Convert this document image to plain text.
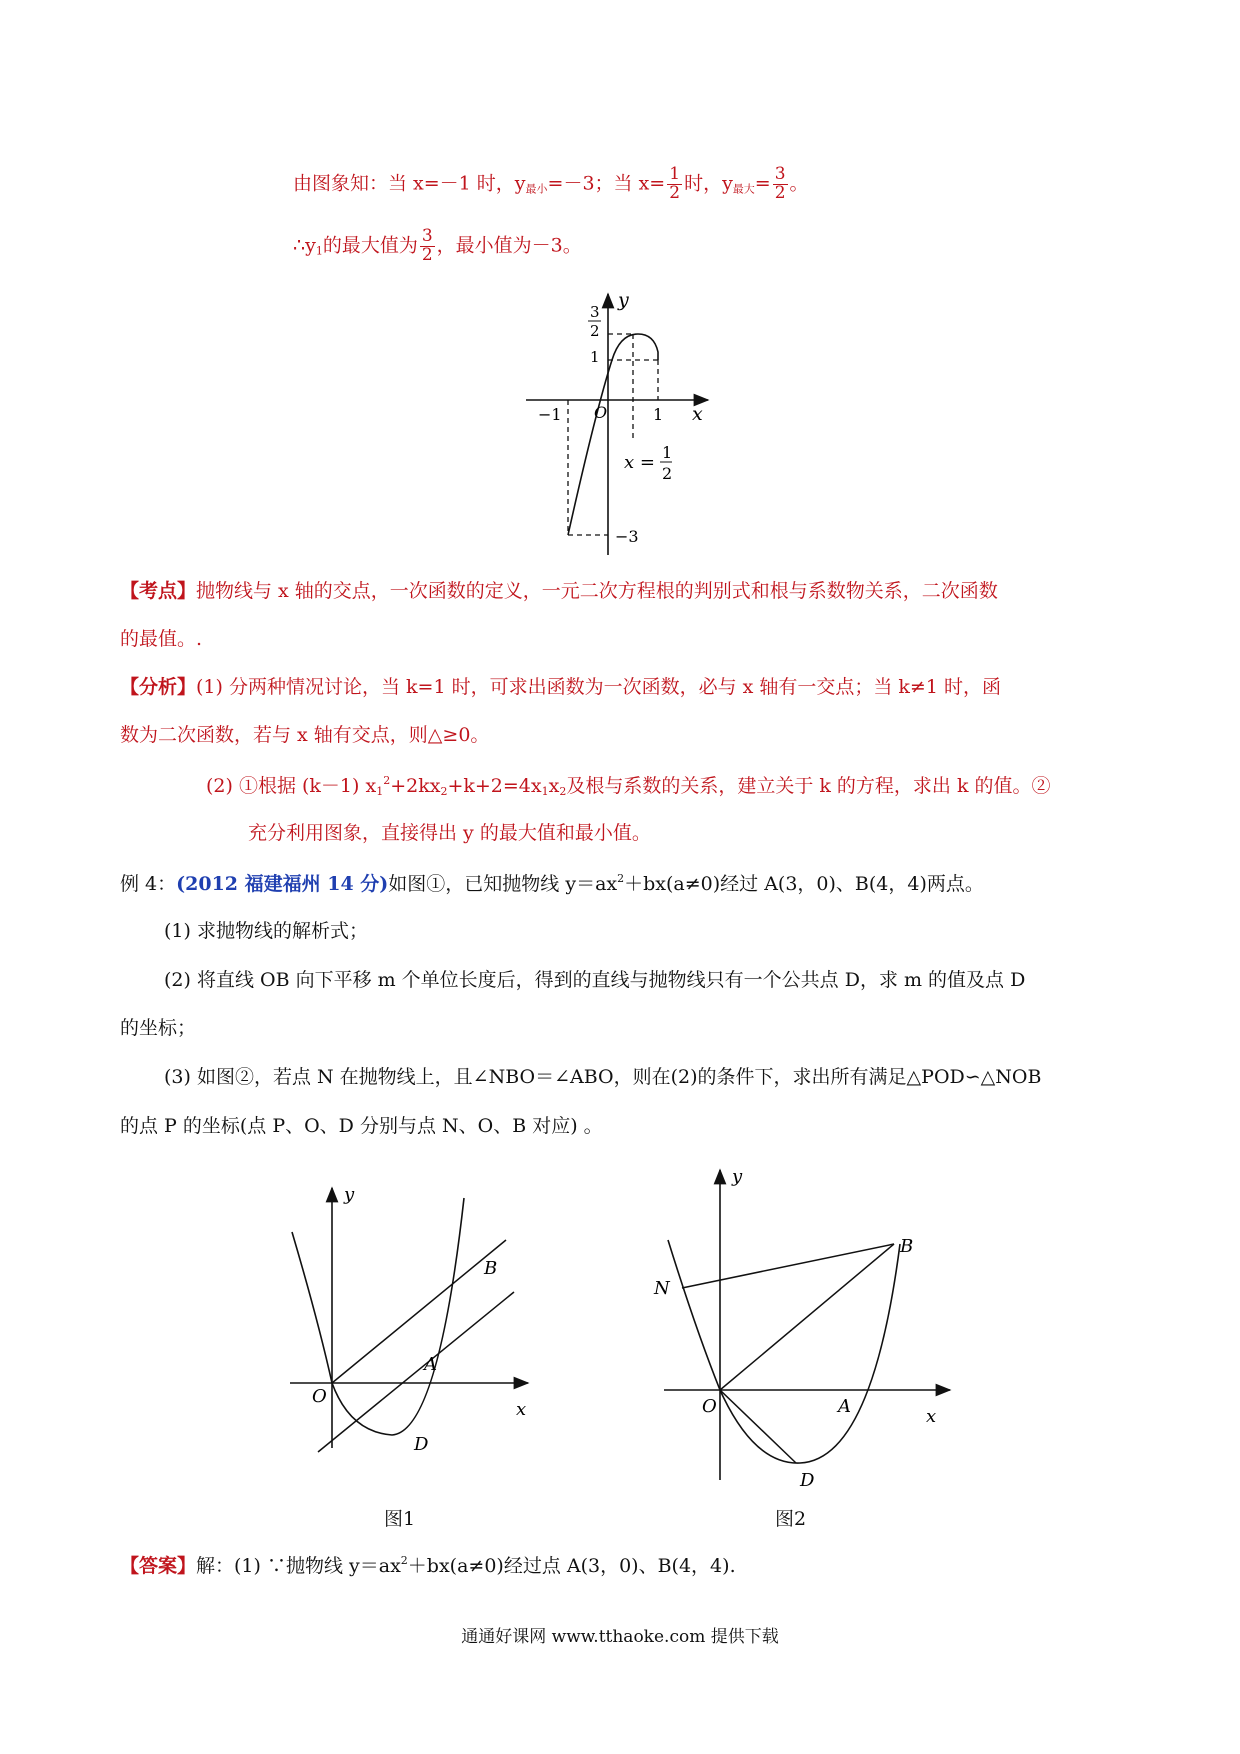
由图象知：当 x=－1 时，$y_{最小}=-3$；当 $x= \frac{1}{2}$ 时，$y_{最大}= \frac{3}{2}$ 。
$\therefore y_1$的最大值为 $\frac{3}{2}$ ，最小值为－3。
y
x
3
2
1
−1 O	1
x = 1
2
−3
【考点】抛物线与 x 轴的交点，一次函数的定义，一元二次方程根的判别式和根与系数物关系，二次函数
的最值。.
【分析】(1) 分两种情况讨论，当 k=1 时，可求出函数为一次函数，必与 x 轴有一交点；当 k≠1 时，函
数为二次函数，若与 x 轴有交点，则△≥0。
(2) ①根据 (k－1) $x_1^2+2kx_2+k+2=4x_1x_2$及根与系数的关系，建立关于 k 的方程，求出 k 的值。②
充分利用图象，直接得出 y 的最大值和最小值。
例 4：(2012 福建福州 14 分)如图①，已知抛物线 $y=ax^2+bx(a\ne 0)$经过 A(3，0)、B(4，4)两点。
(1) 求抛物线的解析式；
(2) 将直线 OB 向下平移 m 个单位长度后，得到的直线与抛物线只有一个公共点 D，求 m 的值及点 D
的坐标；
(3) 如图②，若点 N 在抛物线上，且∠NBO＝∠ABO，则在(2)的条件下，求出所有满足△POD∽△NOB
的点 P 的坐标(点 P、O、D 分别与点 N、O、B 对应) 。
y
x
O
A
B
D
图1
y
x
O	A
B
D
N
图2
【答案】解：(1) ∵抛物线 $y=ax^2+bx(a\ne 0)$经过点 A(3，0)、B(4，4).
通通好课网 www.tthaoke.com 提供下载
